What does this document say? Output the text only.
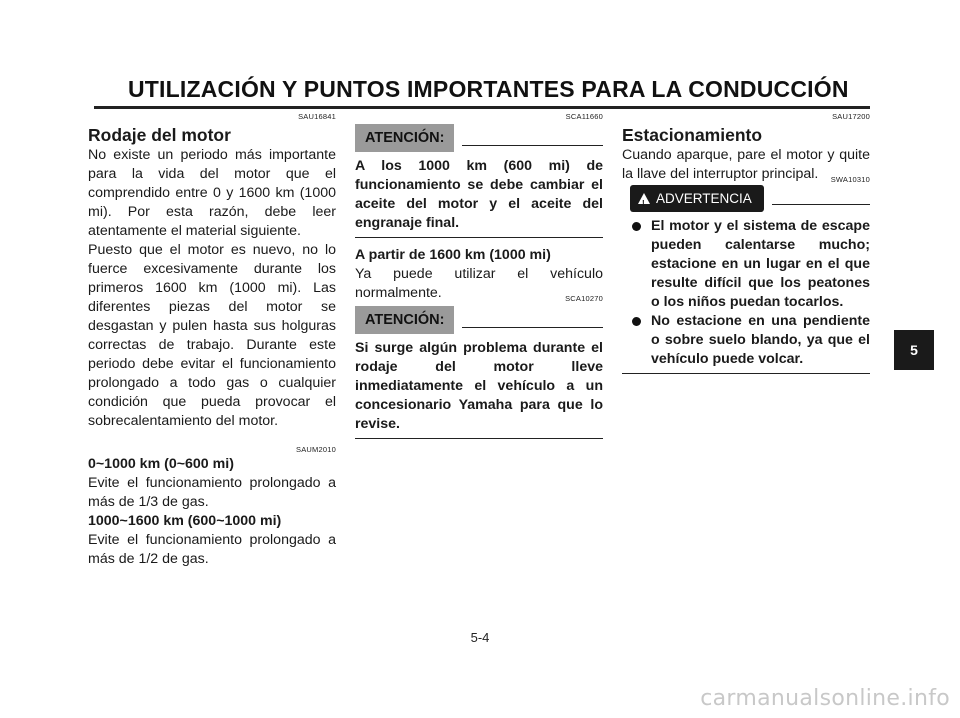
UTILIZACIÓN Y PUNTOS IMPORTANTES PARA LA CONDUCCIÓN
SAU16841
Rodaje del motor

No existe un periodo más importante para la vida del motor que el comprendido entre 0 y 1600 km (1000 mi). Por esta razón, debe leer atentamente el material siguiente.

Puesto que el motor es nuevo, no lo fuerce excesivamente durante los primeros 1600 km (1000 mi). Las diferentes piezas del motor se desgastan y pulen hasta sus holguras correctas de trabajo. Durante este periodo debe evitar el funcionamiento prolongado a todo gas o cualquier condición que pueda provocar el sobrecalentamiento del motor.

SAUM2010

0~1000 km (0~600 mi)

Evite el funcionamiento prolongado a más de 1/3 de gas.

1000~1600 km (600~1000 mi)

Evite el funcionamiento prolongado a más de 1/2 de gas.

SCA11660
ATENCIÓN:

A los 1000 km (600 mi) de funcionamiento se debe cambiar el aceite del motor y el aceite del engranaje final.

A partir de 1600 km (1000 mi)

Ya puede utilizar el vehículo normalmente.	SCA10270
ATENCIÓN:

Si surge algún problema durante el rodaje del motor lleve inmediatamente el vehículo a un concesionario Yamaha para que lo revise.

SAU17200
Estacionamiento

Cuando aparque, pare el motor y quite la llave del interruptor principal.	SWA10310
! ADVERTENCIA
El motor y el sistema de escape pueden calentarse mucho; estacione en un lugar en el que resulte difícil que los peatones o los niños puedan tocarlos.
No estacione en una pendiente o sobre suelo blando, ya que el vehículo puede volcar.
5
5-4
carmanualsonline.info
